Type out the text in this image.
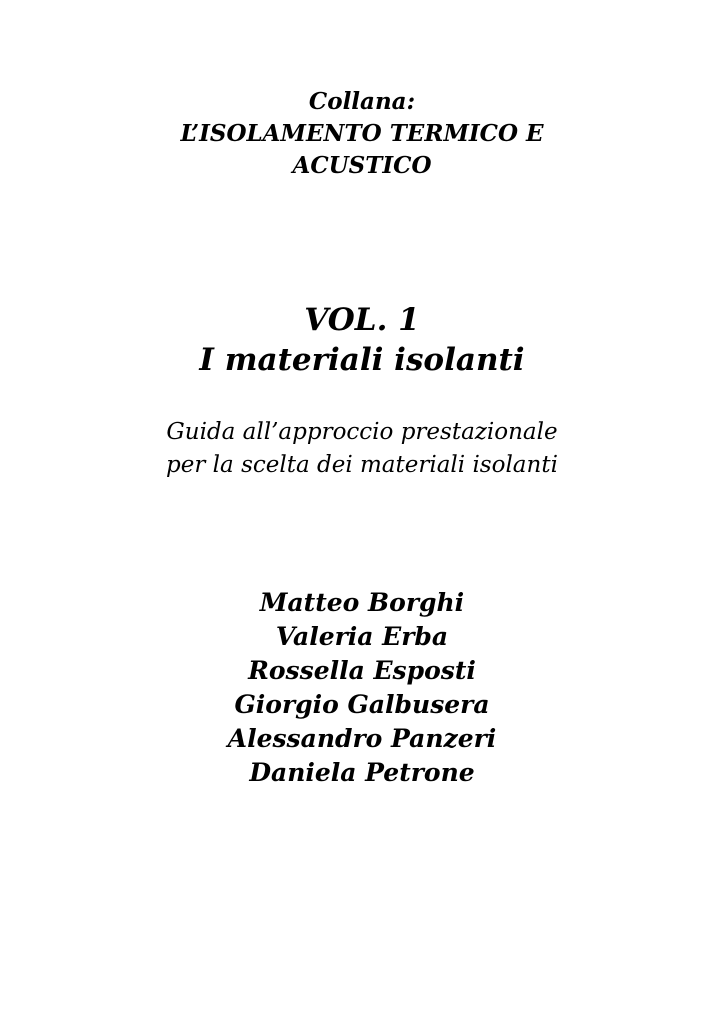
Collana:
L’ISOLAMENTO TERMICO E
ACUSTICO
VOL. 1
I materiali isolanti
Guida all’approccio prestazionale
per la scelta dei materiali isolanti
Matteo Borghi
Valeria Erba
Rossella Esposti
Giorgio Galbusera
Alessandro Panzeri
Daniela Petrone
